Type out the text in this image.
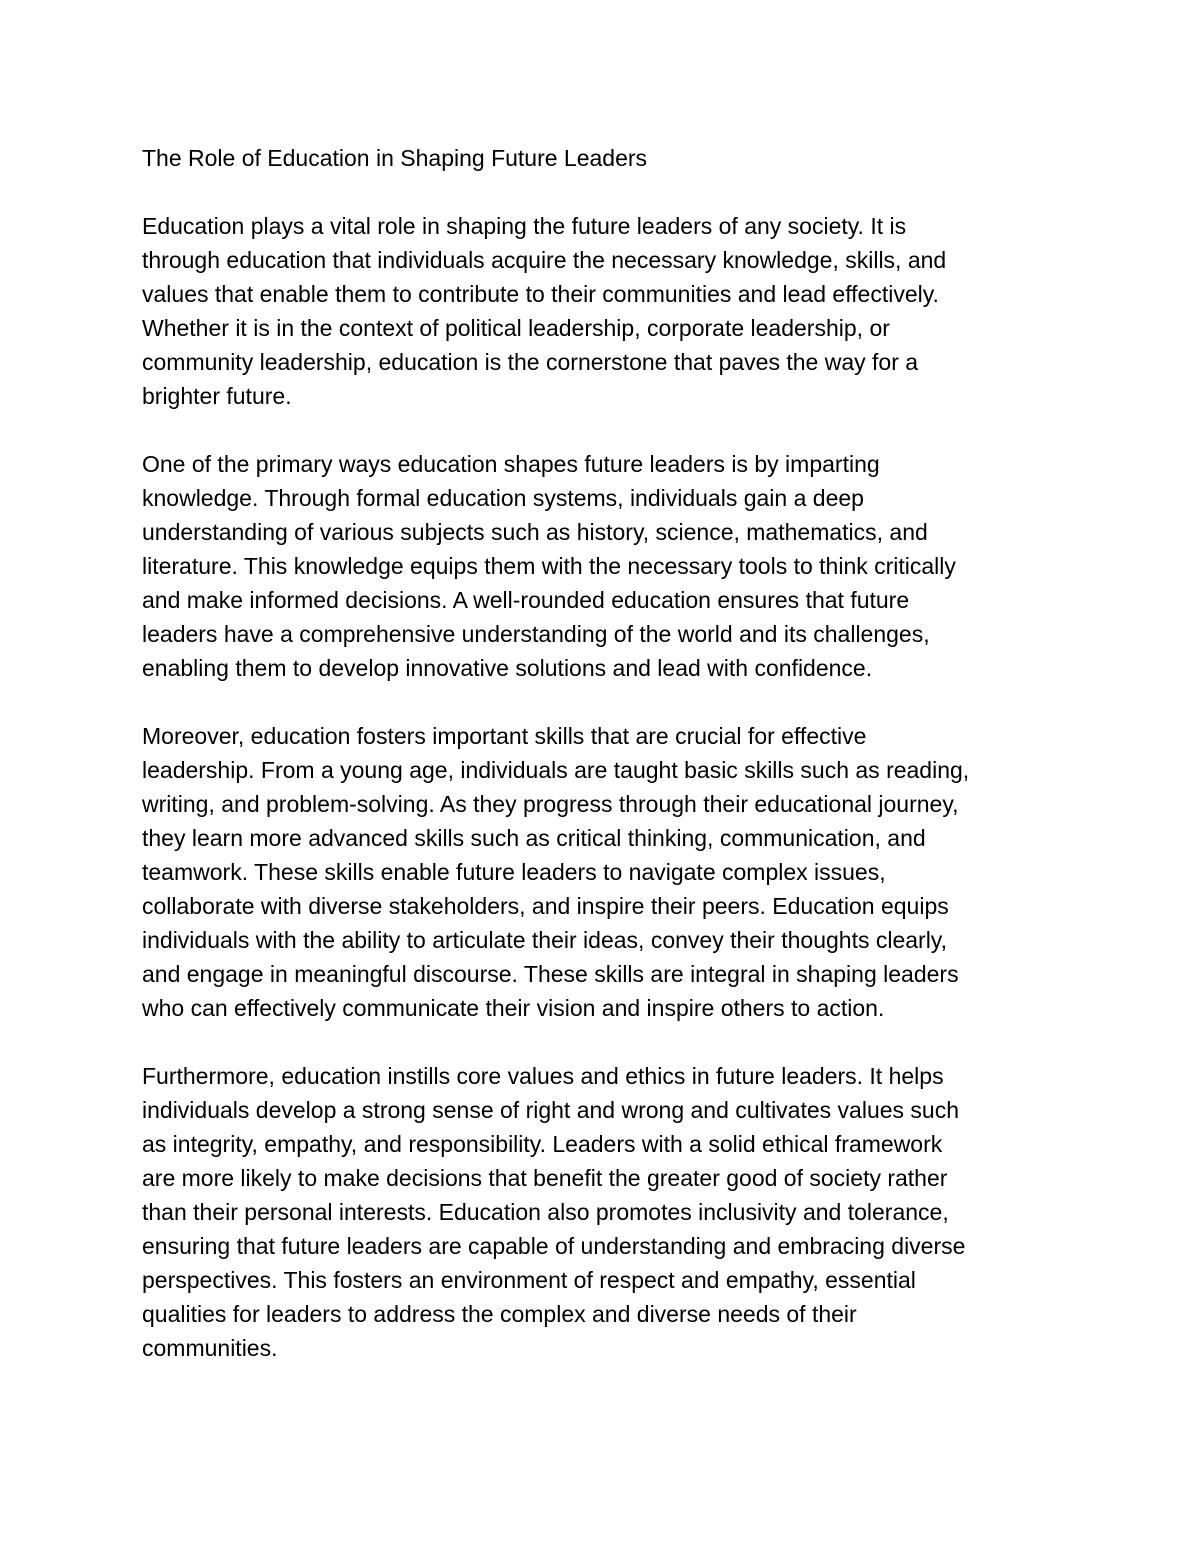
The Role of Education in Shaping Future Leaders
Education plays a vital role in shaping the future leaders of any society. It is
through education that individuals acquire the necessary knowledge, skills, and
values that enable them to contribute to their communities and lead effectively.
Whether it is in the context of political leadership, corporate leadership, or
community leadership, education is the cornerstone that paves the way for a
brighter future.
One of the primary ways education shapes future leaders is by imparting
knowledge. Through formal education systems, individuals gain a deep
understanding of various subjects such as history, science, mathematics, and
literature. This knowledge equips them with the necessary tools to think critically
and make informed decisions. A well-rounded education ensures that future
leaders have a comprehensive understanding of the world and its challenges,
enabling them to develop innovative solutions and lead with confidence.
Moreover, education fosters important skills that are crucial for effective
leadership. From a young age, individuals are taught basic skills such as reading,
writing, and problem-solving. As they progress through their educational journey,
they learn more advanced skills such as critical thinking, communication, and
teamwork. These skills enable future leaders to navigate complex issues,
collaborate with diverse stakeholders, and inspire their peers. Education equips
individuals with the ability to articulate their ideas, convey their thoughts clearly,
and engage in meaningful discourse. These skills are integral in shaping leaders
who can effectively communicate their vision and inspire others to action.
Furthermore, education instills core values and ethics in future leaders. It helps
individuals develop a strong sense of right and wrong and cultivates values such
as integrity, empathy, and responsibility. Leaders with a solid ethical framework
are more likely to make decisions that benefit the greater good of society rather
than their personal interests. Education also promotes inclusivity and tolerance,
ensuring that future leaders are capable of understanding and embracing diverse
perspectives. This fosters an environment of respect and empathy, essential
qualities for leaders to address the complex and diverse needs of their
communities.
